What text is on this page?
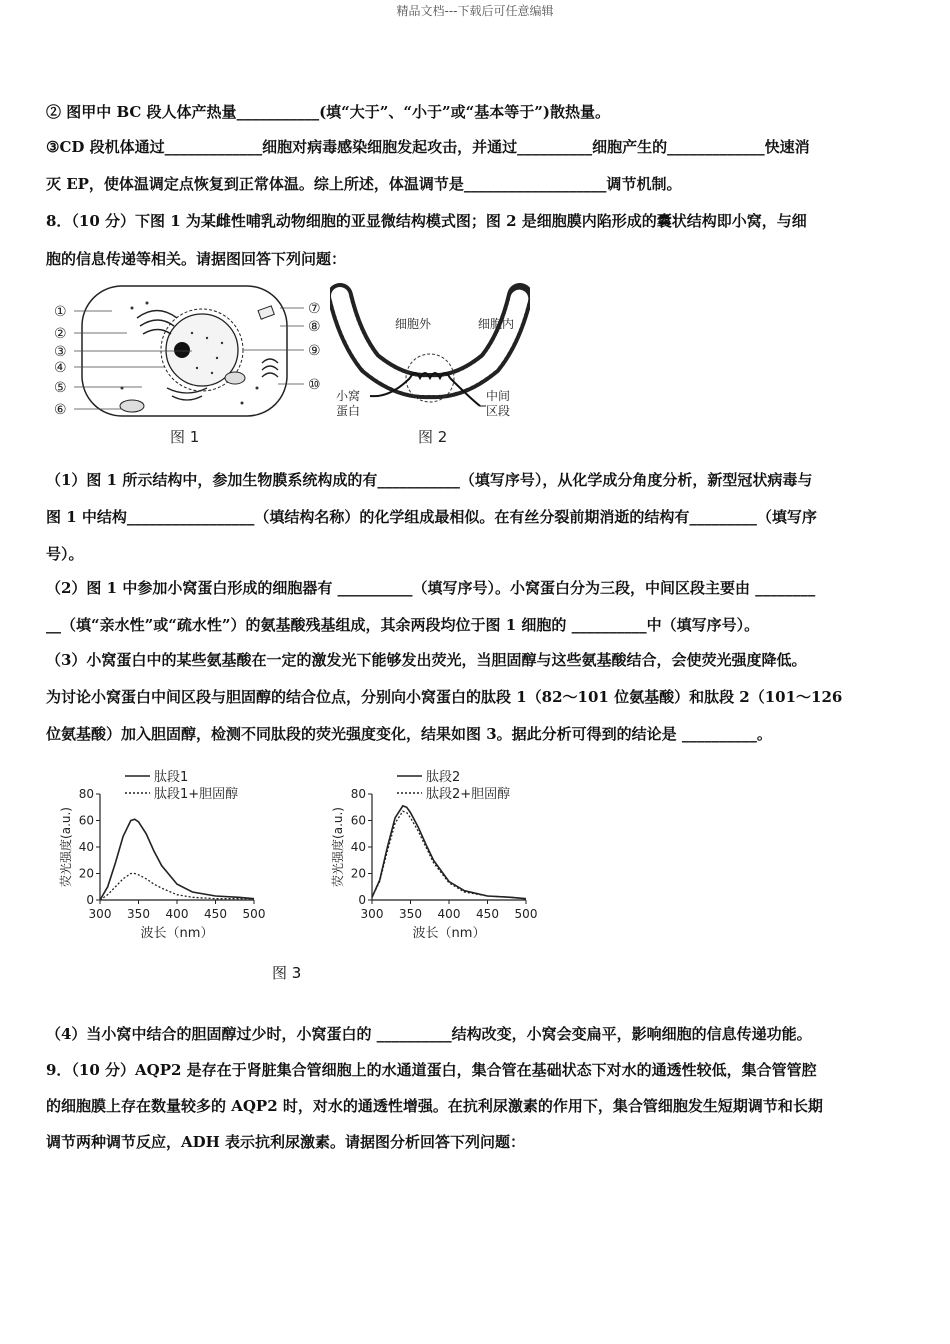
精品文档---下载后可任意编辑
② 图甲中 BC 段人体产热量___________(填“大于”、“小于”或“基本等于”)散热量。
③CD 段机体通过_____________细胞对病毒感染细胞发起攻击，并通过__________细胞产生的_____________快速消
灭 EP，使体温调定点恢复到正常体温。综上所述，体温调节是___________________调节机制。
8．（10 分）下图 1 为某雌性哺乳动物细胞的亚显微结构模式图；图 2 是细胞膜内陷形成的囊状结构即小窝，与细
胞的信息传递等相关。请据图回答下列问题：
①
②
③
④
⑤
⑥
⑦
⑧
⑨
⑩
图 1
细胞外	细胞内
小窝
蛋白
中间
区段
图 2
（1）图 1 所示结构中，参加生物膜系统构成的有___________（填写序号），从化学成分角度分析，新型冠状病毒与
图 1 中结构_________________（填结构名称）的化学组成最相似。在有丝分裂前期消逝的结构有_________（填写序
号）。
（2）图 1 中参加小窝蛋白形成的细胞器有 __________（填写序号）。小窝蛋白分为三段，中间区段主要由 ________
__（填“亲水性”或“疏水性”）的氨基酸残基组成，其余两段均位于图 1 细胞的 __________中（填写序号）。
（3）小窝蛋白中的某些氨基酸在一定的激发光下能够发出荧光，当胆固醇与这些氨基酸结合，会使荧光强度降低。
为讨论小窝蛋白中间区段与胆固醇的结合位点，分别向小窝蛋白的肽段 1（82～101 位氨基酸）和肽段 2（101～126
位氨基酸）加入胆固醇，检测不同肽段的荧光强度变化，结果如图 3。据此分析可得到的结论是 __________。
0
20
40
60
80
300 350 400 450 500
波长（nm）
荧光强度(a.u.)
肽段1
肽段1+胆固醇
0
20
40
60
80
300 350 400 450 500
波长（nm）
荧光强度(a.u.)
肽段2
肽段2+胆固醇
图 3
（4）当小窝中结合的胆固醇过少时，小窝蛋白的 __________结构改变，小窝会变扁平，影响细胞的信息传递功能。
9．（10 分）AQP2 是存在于肾脏集合管细胞上的水通道蛋白，集合管在基础状态下对水的通透性较低，集合管管腔
的细胞膜上存在数量较多的 AQP2 时，对水的通透性增强。在抗利尿激素的作用下，集合管细胞发生短期调节和长期
调节两种调节反应，ADH 表示抗利尿激素。请据图分析回答下列问题：
